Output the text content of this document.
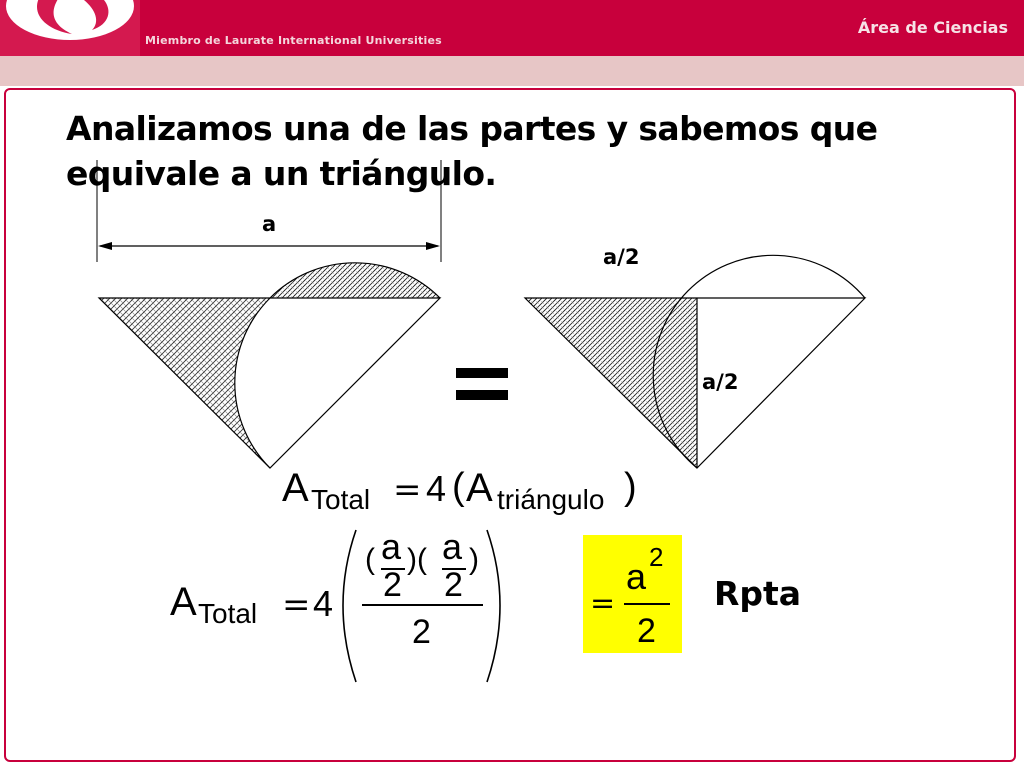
Miembro de Laurate International Universities
Área de Ciencias
Analizamos una de las partes y sabemos que equivale a un triángulo.
a
a/2
a/2
A Total = 4 ( A triángulo )
A Total = 4
( a
2
)( a
2
)
2
=
a 2
2
Rpta
